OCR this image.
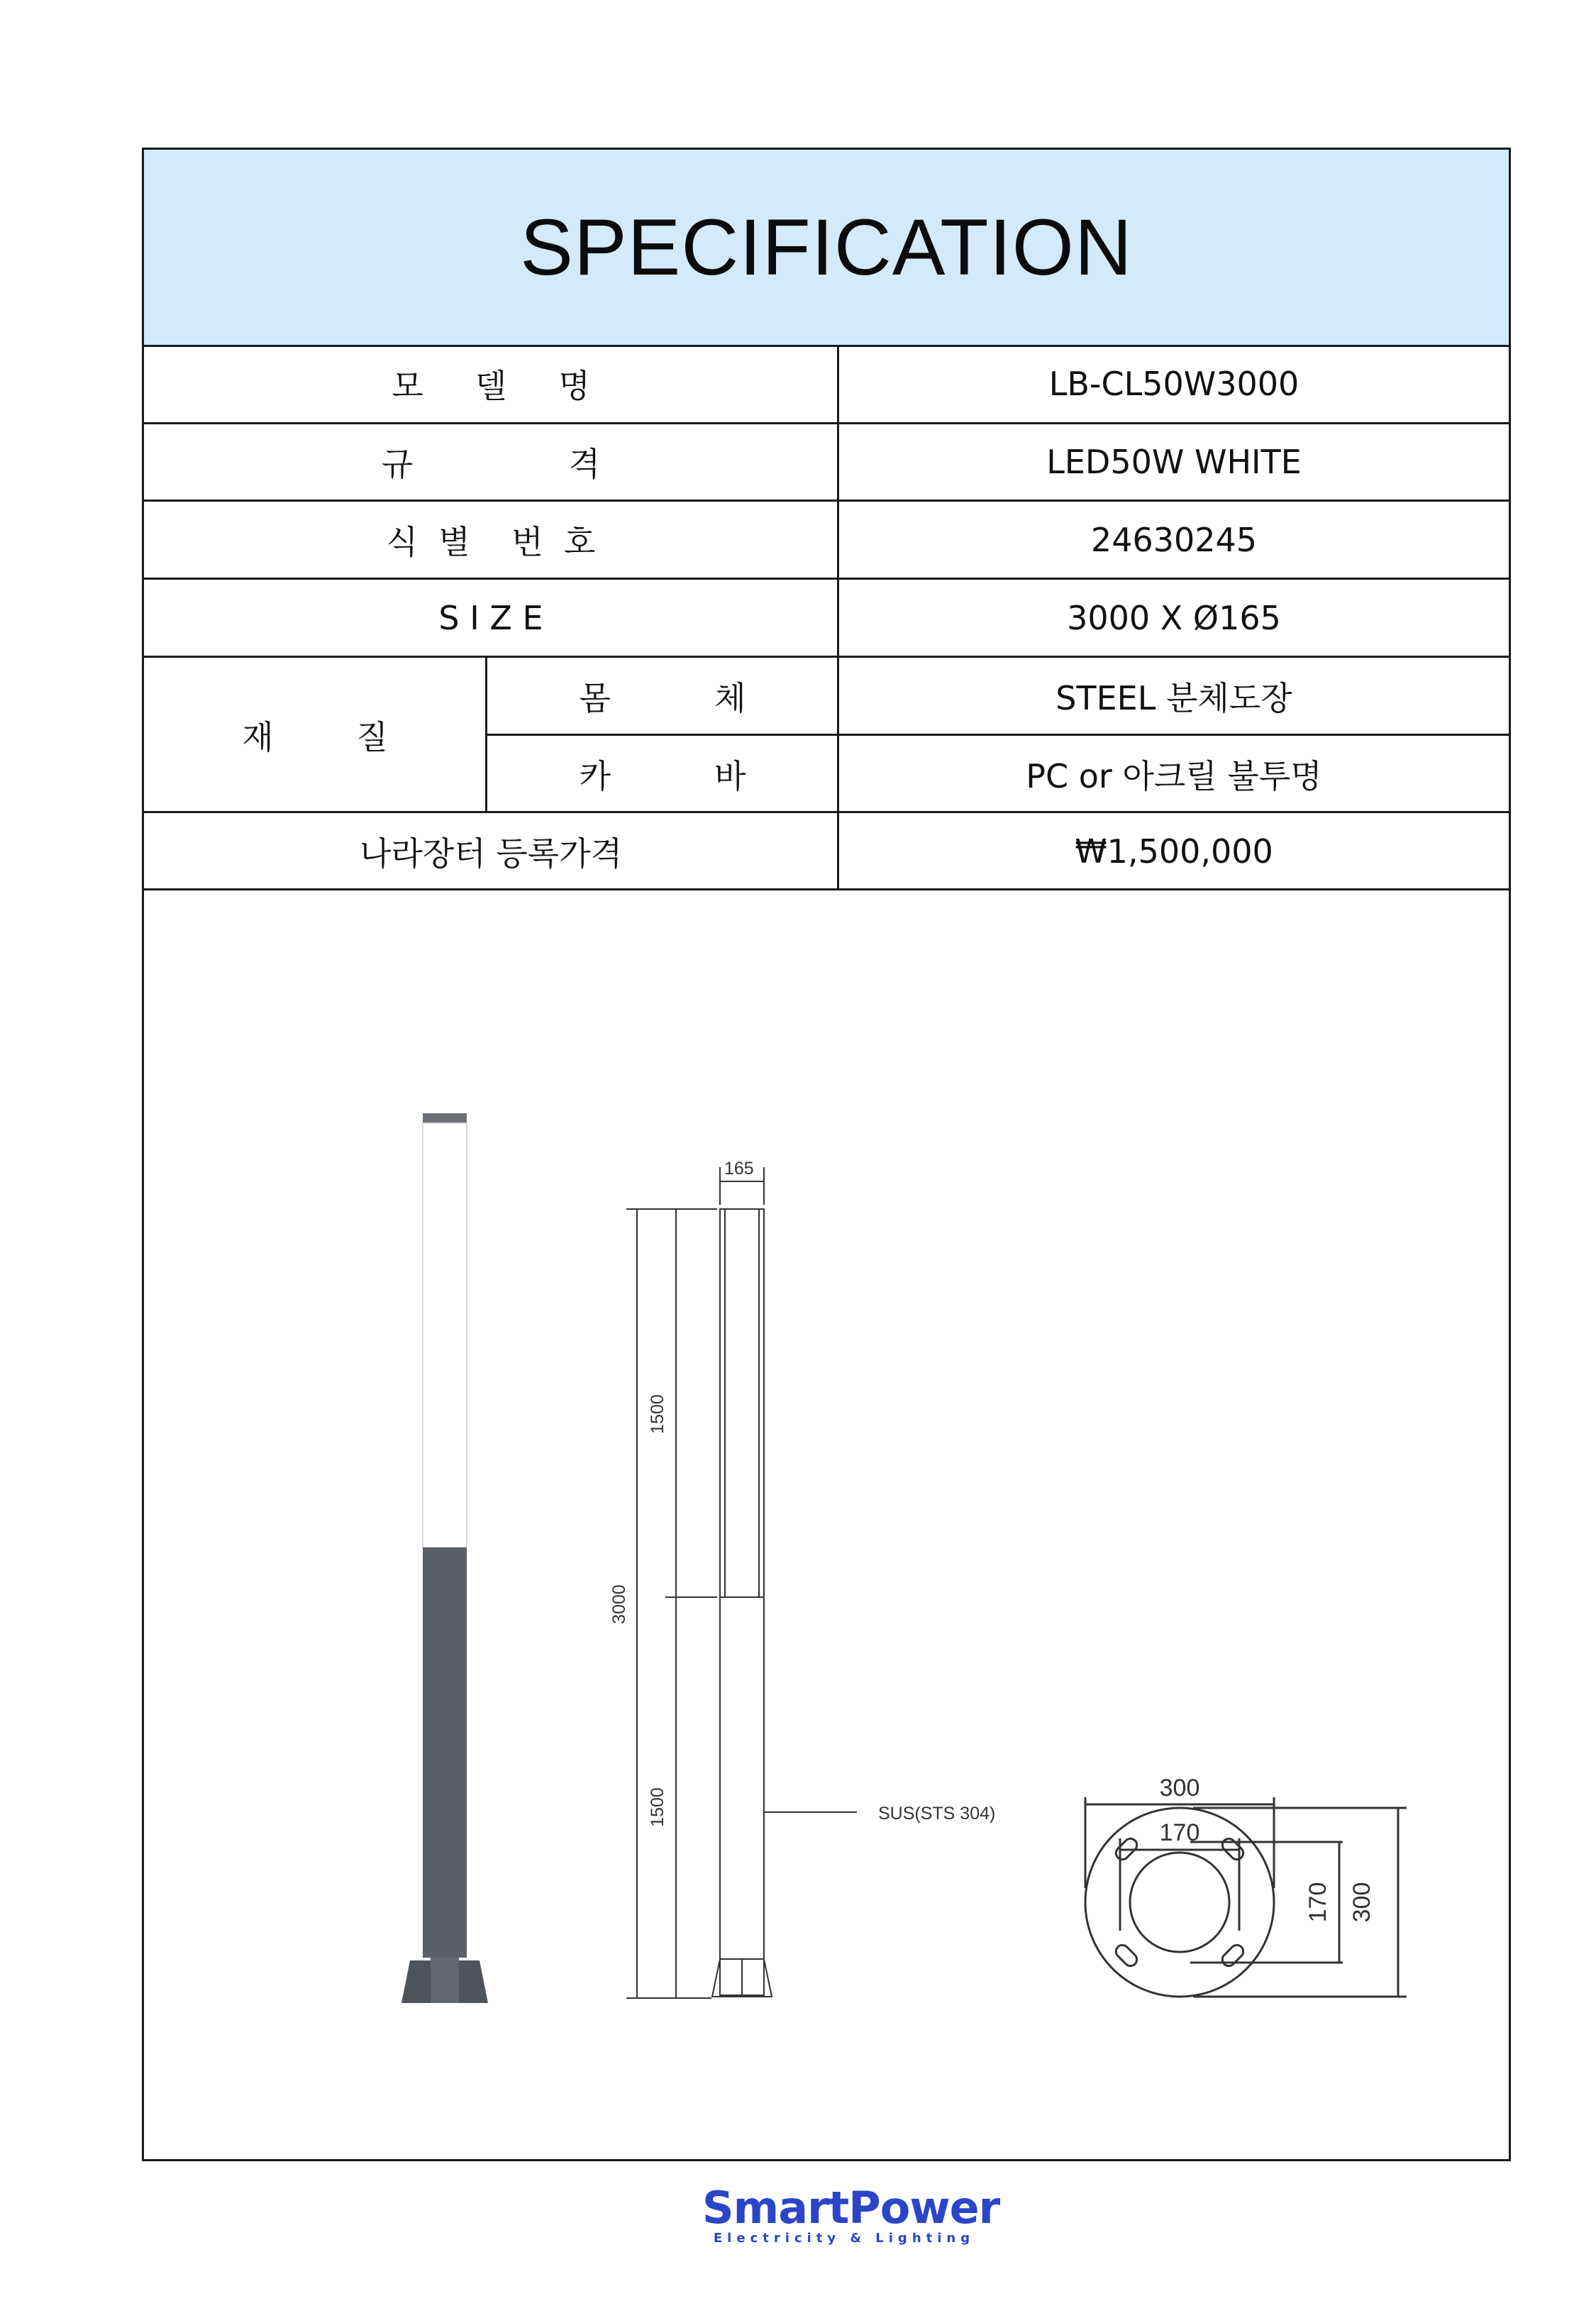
SPECIFICATION
모     델     명	LB-CL50W3000
규               격	LED50W WHITE
식  별    번  호	24630245
S I Z E	3000 X Ø165
재        질
몸          체	STEEL 분체도장
카          바	PC or 아크릴 불투명
나라장터 등록가격	₩1,500,000
165
1500
3000
1500	SUS(STS 304)
300
170
170 300
SmartPower
Electricity & Lighting
